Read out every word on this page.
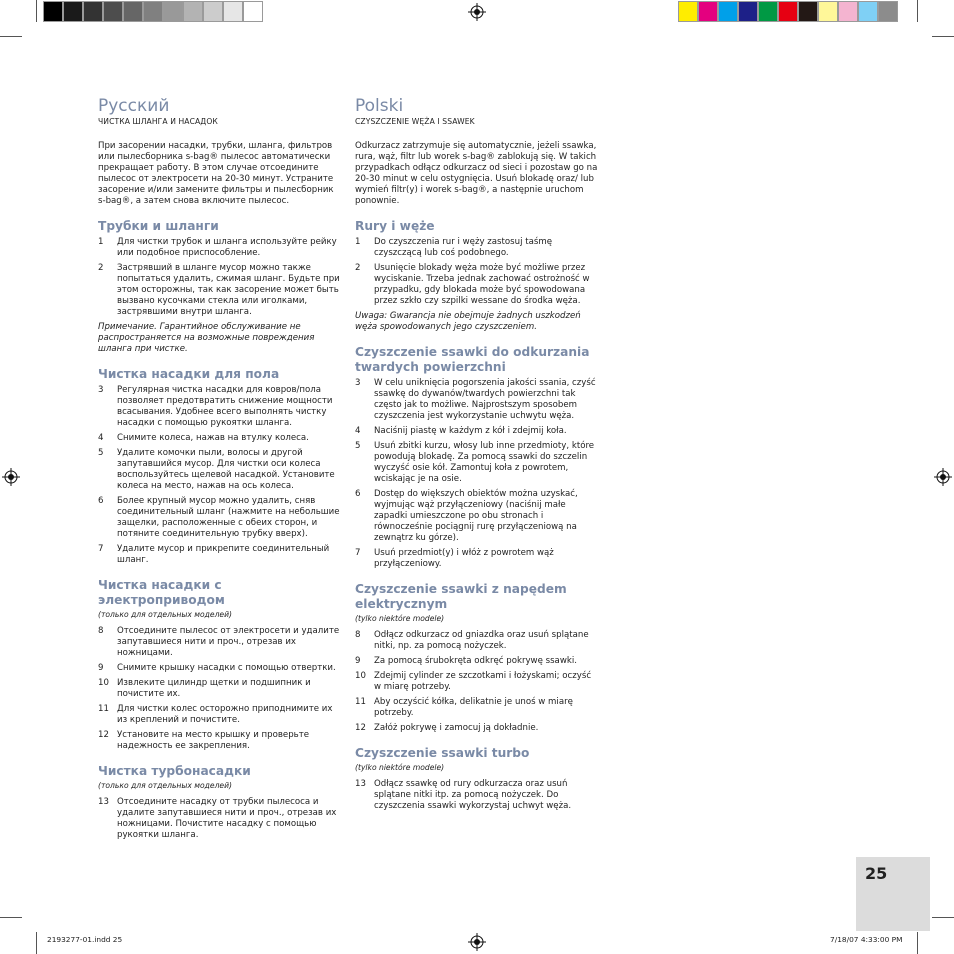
Русский
ЧИСТКА ШЛАНГА И НАСАДОК

При засорении насадки, трубки, шланга, фильтров или пылесборника s-bag® пылесос автоматически прекращает работу. В этом случае отсоедините пылесос от электросети на 20-30 минут. Устраните засорение и/или замените фильтры и пылесборник s-bag®, а затем снова включите пылесос.

Трубки и шланги
1	Для чистки трубок и шланга используйте рейку или подобное приспособление.
2	Застрявший в шланге мусор можно также попытаться удалить, сжимая шланг. Будьте при этом осторожны, так как засорение может быть вызвано кусочками стекла или иголками, застрявшими внутри шланга.

Примечание. Гарантийное обслуживание не распространяется на возможные повреждения шланга при чистке.

Чистка насадки для пола
3	Регулярная чистка насадки для ковров/пола позволяет предотвратить снижение мощности всасывания. Удобнее всего выполнять чистку насадки с помощью рукоятки шланга.
4	Снимите колеса, нажав на втулку колеса.
5	Удалите комочки пыли, волосы и другой запутавшийся мусор. Для чистки оси колеса воспользуйтесь щелевой насадкой. Установите колеса на место, нажав на ось колеса.
6	Более крупный мусор можно удалить, сняв соединительный шланг (нажмите на небольшие защелки, расположенные с обеих сторон, и потяните соединительную трубку вверх).
7	Удалите мусор и прикрепите соединительный шланг.
Чистка насадки с электроприводом
(только для отдельных моделей)
8	Отсоедините пылесос от электросети и удалите запутавшиеся нити и проч., отрезав их ножницами.
9	Снимите крышку насадки с помощью отвертки.
10 Извлеките цилиндр щетки и подшипник и почистите их.
11 Для чистки колес осторожно приподнимите их из креплений и почистите.
12 Установите на место крышку и проверьте надежность ее закрепления.
Чистка турбонасадки
(только для отдельных моделей)
13 Отсоедините насадку от трубки пылесоса и удалите запутавшиеся нити и проч., отрезав их ножницами. Почистите насадку с помощью рукоятки шланга.
Polski
CZYSZCZENIE WĘŻA I SSAWEK

Odkurzacz zatrzymuje się automatycznie, jeżeli ssawka, rura, wąż, filtr lub worek s-bag® zablokują się. W takich przypadkach odłącz odkurzacz od sieci i pozostaw go na 20-30 minut w celu ostygnięcia. Usuń blokadę oraz/ lub wymień filtr(y) i worek s-bag®, a następnie uruchom ponownie.

Rury i węże
1	Do czyszczenia rur i węży zastosuj taśmę czyszczącą lub coś podobnego.
2	Usunięcie blokady węża może być możliwe przez wyciskanie. Trzeba jednak zachować ostrożność w przypadku, gdy blokada może być spowodowana przez szkło czy szpilki wessane do środka węża.

Uwaga: Gwarancja nie obejmuje żadnych uszkodzeń węża spowodowanych jego czyszczeniem.

Czyszczenie ssawki do odkurzania twardych powierzchni
3	W celu uniknięcia pogorszenia jakości ssania, czyść ssawkę do dywanów/twardych powierzchni tak często jak to możliwe. Najprostszym sposobem czyszczenia jest wykorzystanie uchwytu węża.
4	Naciśnij piastę w każdym z kół i zdejmij koła.
5	Usuń zbitki kurzu, włosy lub inne przedmioty, które powodują blokadę. Za pomocą ssawki do szczelin wyczyść osie kół. Zamontuj koła z powrotem, wciskając je na osie.
6	Dostęp do większych obiektów można uzyskać, wyjmując wąż przyłączeniowy (naciśnij małe zapadki umieszczone po obu stronach i równocześnie pociągnij rurę przyłączeniową na zewnątrz ku górze).
7	Usuń przedmiot(y) i włóż z powrotem wąż przyłączeniowy.
Czyszczenie ssawki z napędem elektrycznym
(tylko niektóre modele)
8	Odłącz odkurzacz od gniazdka oraz usuń splątane nitki, np. za pomocą nożyczek.
9	Za pomocą śrubokręta odkręć pokrywę ssawki.
10 Zdejmij cylinder ze szczotkami i łożyskami; oczyść w miarę potrzeby.
11 Aby oczyścić kółka, delikatnie je unoś w miarę potrzeby.
12 Załóż pokrywę i zamocuj ją dokładnie.
Czyszczenie ssawki turbo
(tylko niektóre modele)
13 Odłącz ssawkę od rury odkurzacza oraz usuń splątane nitki itp. za pomocą nożyczek. Do czyszczenia ssawki wykorzystaj uchwyt węża.
25
2193277-01.indd 25	7/18/07 4:33:00 PM
